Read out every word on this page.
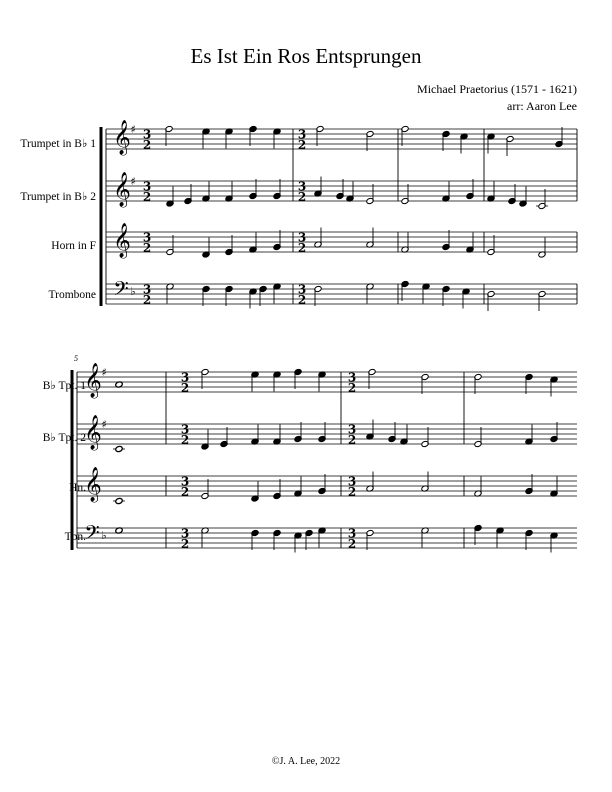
Es Ist Ein Ros Entsprungen
Michael Praetorius (1571 - 1621)
arr: Aaron Lee
Trumpet in B♭ 1
Trumpet in B♭ 2
Horn in F
Trombone
5
B♭ Tpt. 1
B♭ Tpt. 2
Hn.
Tbn.
𝄞 ♯ 3
2
3
2
𝄞 ♯ 3
2
3
2
𝄞 3
2
3
2
𝄢 ♭ 3
2
3
2
𝄞 ♯	3
2
3
2
𝄞 ♯	3
2
3
2
𝄞	3
2
3
2
𝄢 ♭	3
2
3
2
©J. A. Lee, 2022
